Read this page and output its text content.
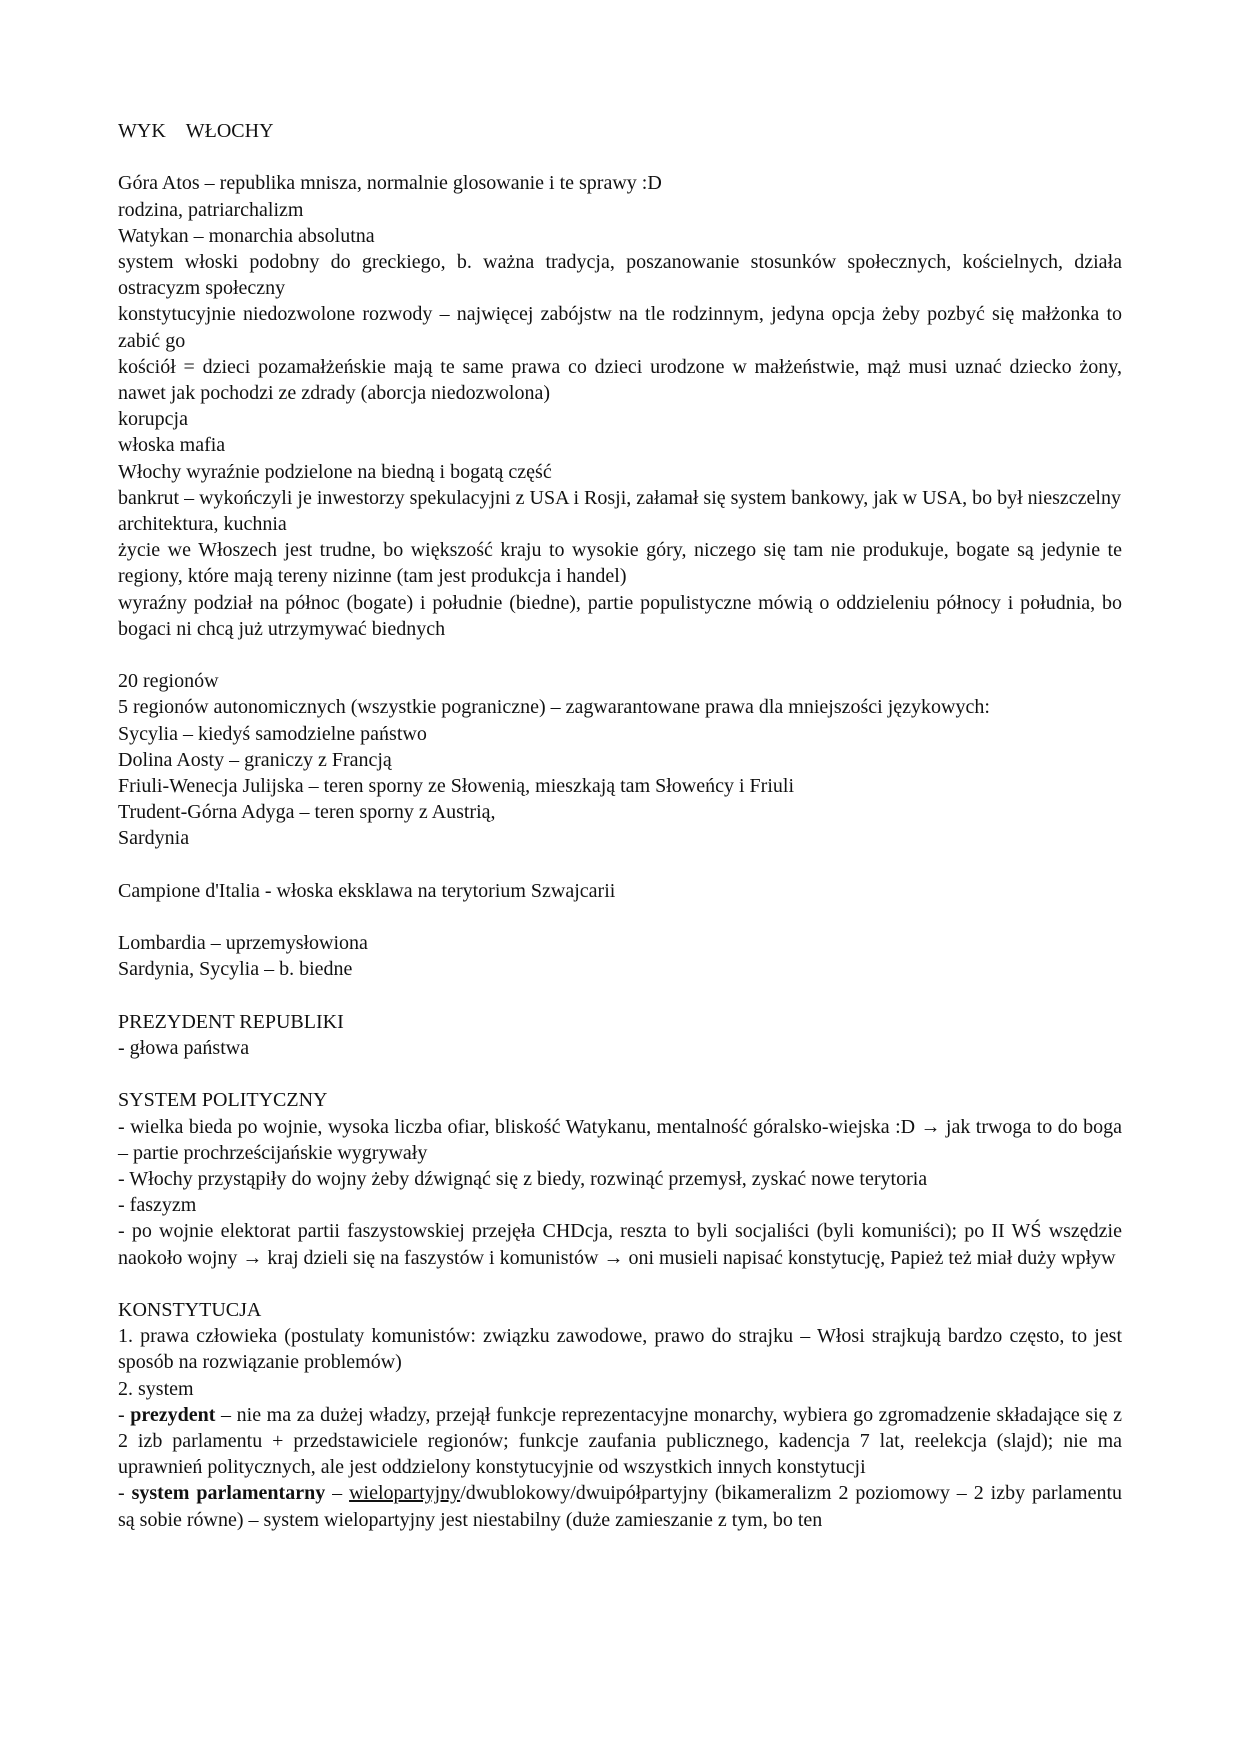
WYK WŁOCHY
Góra Atos – republika mnisza, normalnie glosowanie i te sprawy :D
rodzina, patriarchalizm
Watykan – monarchia absolutna
system włoski podobny do greckiego, b. ważna tradycja, poszanowanie stosunków społecznych, kościelnych, działa ostracyzm społeczny
konstytucyjnie niedozwolone rozwody – najwięcej zabójstw na tle rodzinnym, jedyna opcja żeby pozbyć się małżonka to zabić go
kościół = dzieci pozamałżeńskie mają te same prawa co dzieci urodzone w małżeństwie, mąż musi uznać dziecko żony, nawet jak pochodzi ze zdrady (aborcja niedozwolona)
korupcja
włoska mafia
Włochy wyraźnie podzielone na biedną i bogatą część
bankrut – wykończyli je inwestorzy spekulacyjni z USA i Rosji, załamał się system bankowy, jak w USA, bo był nieszczelny
architektura, kuchnia
życie we Włoszech jest trudne, bo większość kraju to wysokie góry, niczego się tam nie produkuje, bogate są jedynie te regiony, które mają tereny nizinne (tam jest produkcja i handel)
wyraźny podział na północ (bogate) i południe (biedne), partie populistyczne mówią o oddzieleniu północy i południa, bo bogaci ni chcą już utrzymywać biednych
20 regionów
5 regionów autonomicznych (wszystkie pograniczne) – zagwarantowane prawa dla mniejszości językowych:
Sycylia – kiedyś samodzielne państwo
Dolina Aosty – graniczy z Francją
Friuli-Wenecja Julijska – teren sporny ze Słowenią, mieszkają tam Słoweńcy i Friuli
Trudent-Górna Adyga – teren sporny z Austrią,
Sardynia
Campione d'Italia - włoska eksklawa na terytorium Szwajcarii
Lombardia – uprzemysłowiona
Sardynia, Sycylia – b. biedne
PREZYDENT REPUBLIKI
- głowa państwa
SYSTEM POLITYCZNY
- wielka bieda po wojnie, wysoka liczba ofiar, bliskość Watykanu, mentalność góralsko-wiejska :D → jak trwoga to do boga – partie prochrześcijańskie wygrywały
- Włochy przystąpiły do wojny żeby dźwignąć się z biedy, rozwinąć przemysł, zyskać nowe terytoria
- faszyzm
- po wojnie elektorat partii faszystowskiej przejęła CHDcja, reszta to byli socjaliści (byli komuniści); po II WŚ wszędzie naokoło wojny → kraj dzieli się na faszystów i komunistów → oni musieli napisać konstytucję, Papież też miał duży wpływ
KONSTYTUCJA
1. prawa człowieka (postulaty komunistów: związku zawodowe, prawo do strajku – Włosi strajkują bardzo często, to jest sposób na rozwiązanie problemów)
2. system
- prezydent – nie ma za dużej władzy, przejął funkcje reprezentacyjne monarchy, wybiera go zgromadzenie składające się z 2 izb parlamentu + przedstawiciele regionów; funkcje zaufania publicznego, kadencja 7 lat, reelekcja (slajd); nie ma uprawnień politycznych, ale jest oddzielony konstytucyjnie od wszystkich innych konstytucji
- system parlamentarny – wielopartyjny/dwublokowy/dwuipółpartyjny (bikameralizm 2 poziomowy – 2 izby parlamentu są sobie równe) – system wielopartyjny jest niestabilny (duże zamieszanie z tym, bo ten
